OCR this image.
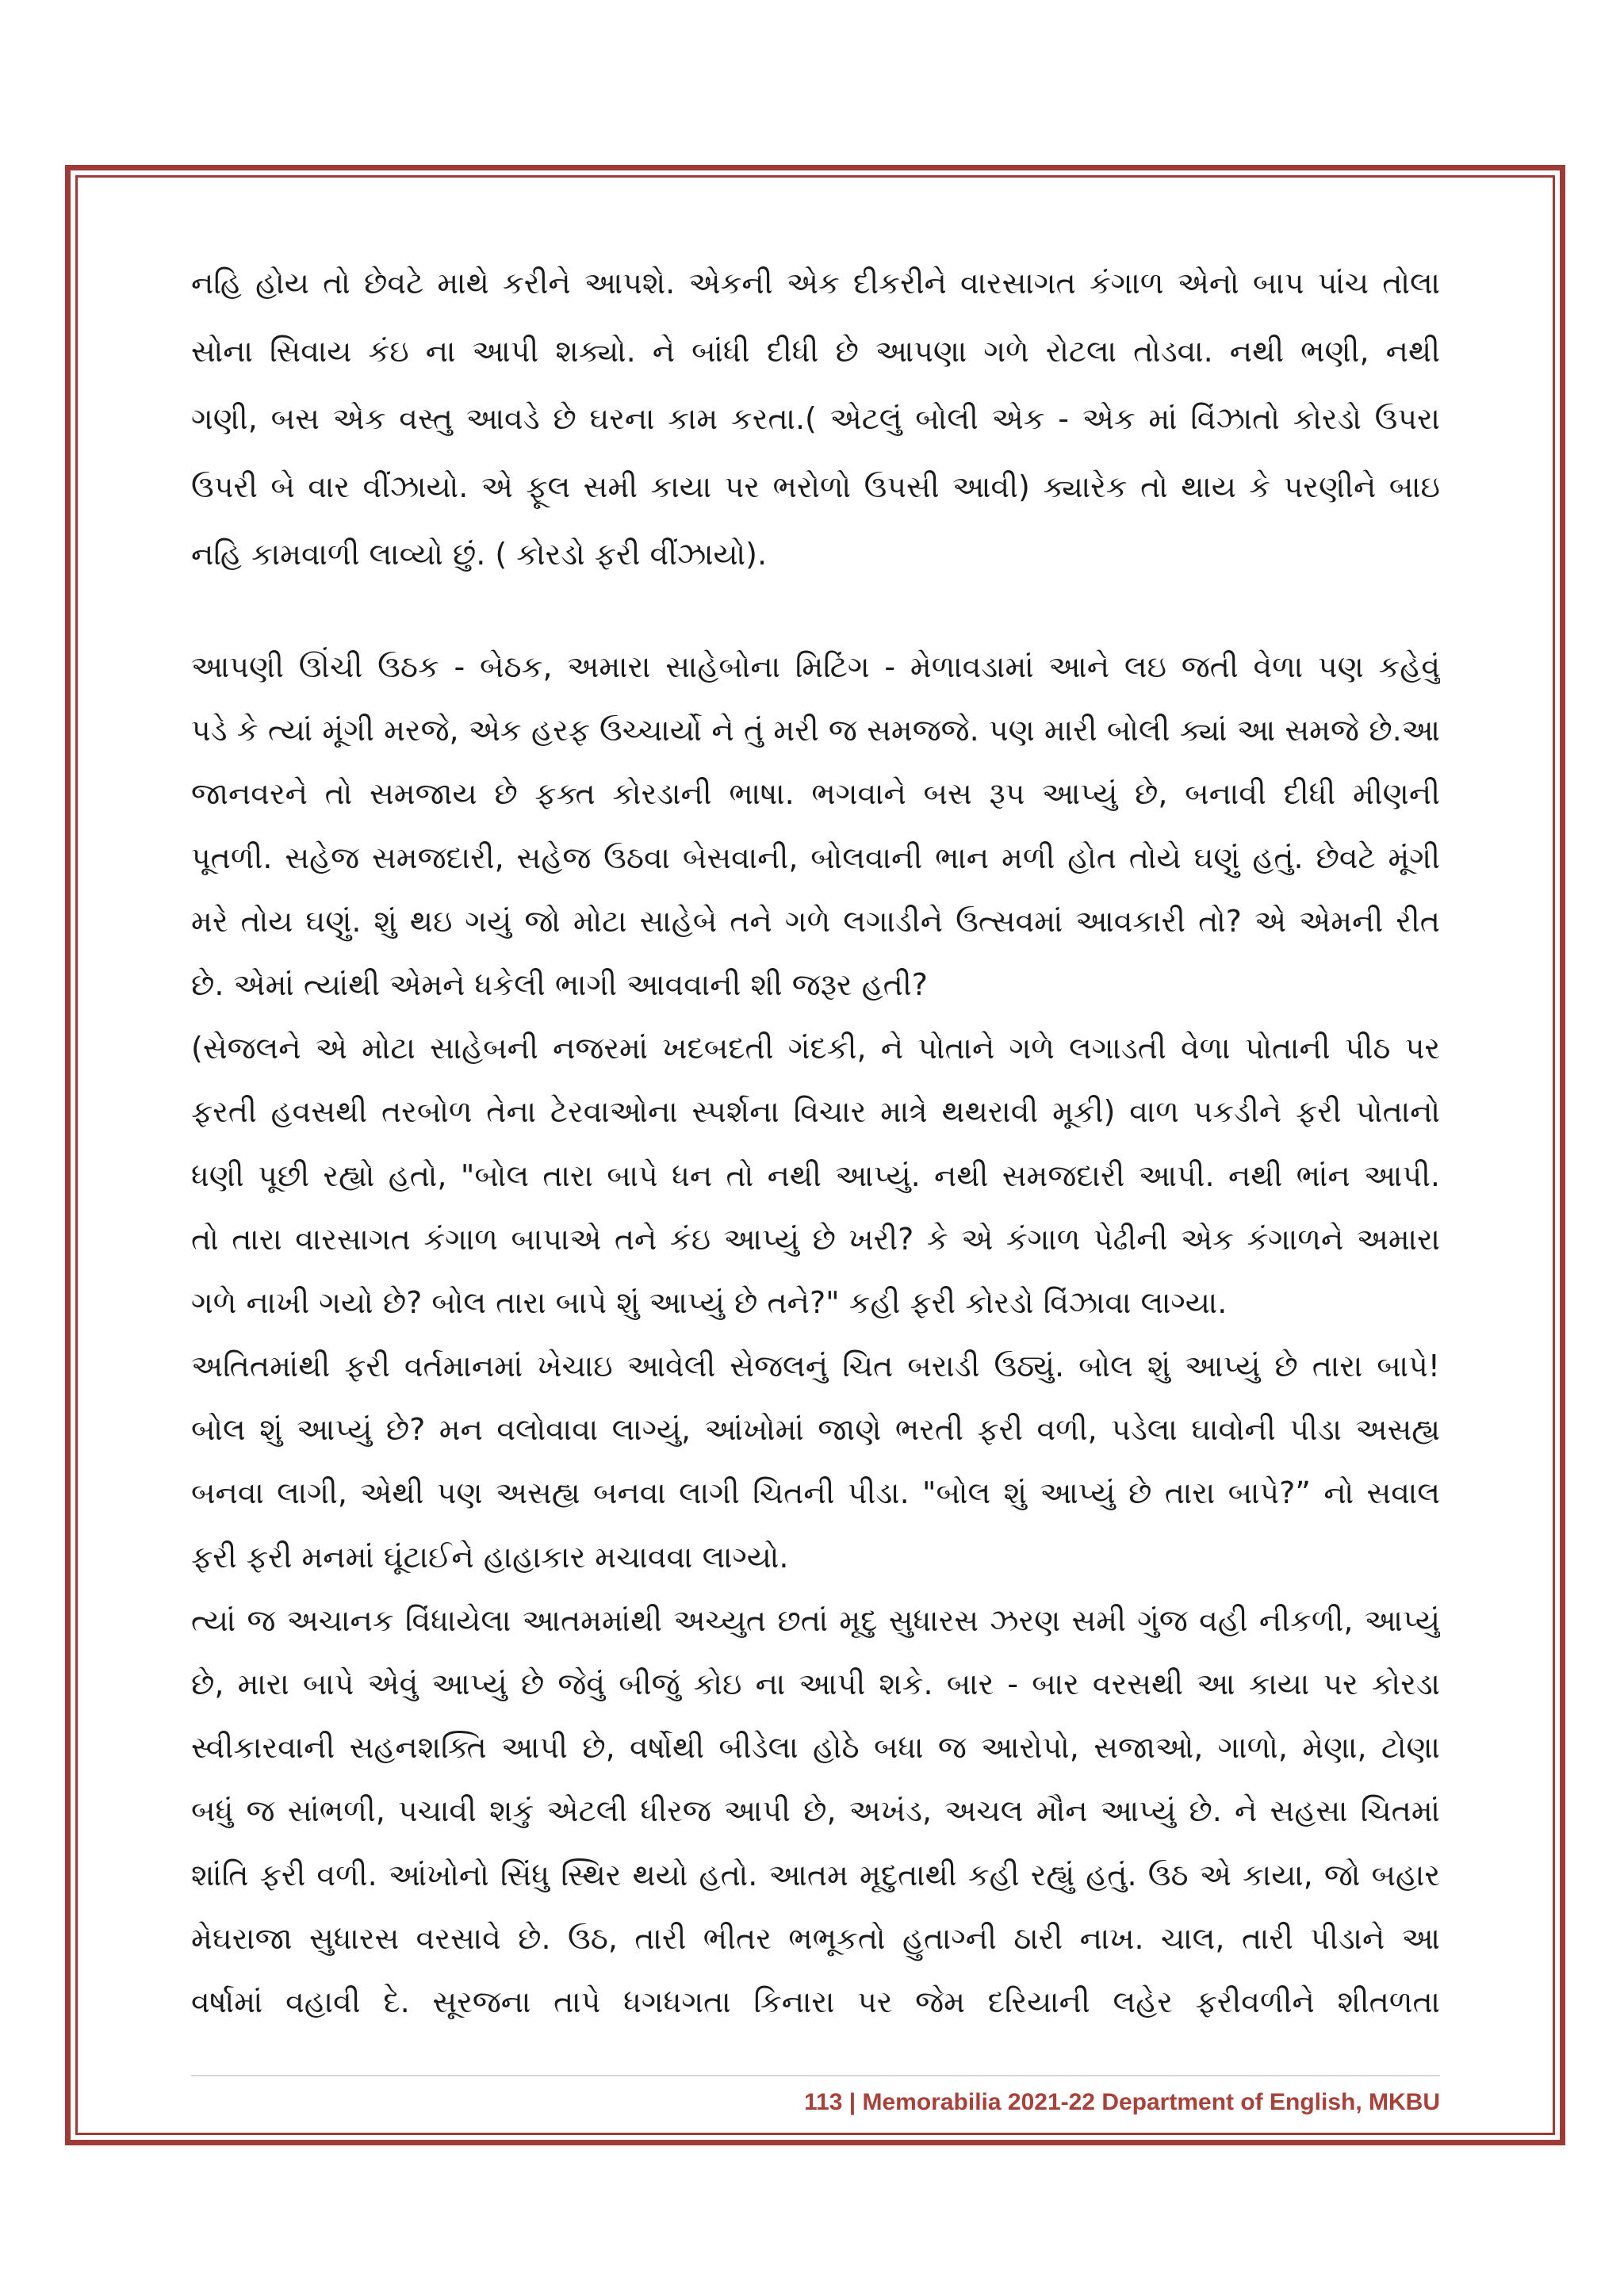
નહિ હોય તો છેવટે માથે કરીને આપશે. એકની એક દીકરીને વારસાગત કંગાળ એનો બાપ પાંચ તોલા
સોના સિવાય કંઇ ના આપી શક્યો. ને બાંધી દીધી છે આપણા ગળે રોટલા તોડવા. નથી ભણી, નથી
ગણી, બસ એક વસ્તુ આવડે છે ઘરના કામ કરતા.( એટલું બોલી એક - એક માં વિંઝાતો કોરડો ઉપરા
ઉપરી બે વાર વીંઝાયો. એ ફૂલ સમી કાયા પર ભરોળો ઉપસી આવી) ક્યારેક તો થાય કે પરણીને બાઇ
નહિ કામવાળી લાવ્યો છું. ( કોરડો ફરી વીંઝાયો).
આપણી ઊંચી ઉઠક - બેઠક, અમારા સાહેબોના મિટિંગ - મેળાવડામાં આને લઇ જતી વેળા પણ કહેવું
પડે કે ત્યાં મૂંગી મરજે, એક હરફ ઉચ્ચાર્યો ને તું મરી જ સમજજે. પણ મારી બોલી ક્યાં આ સમજે છે.આ
જાનવરને તો સમજાય છે ફક્ત કોરડાની ભાષા. ભગવાને બસ રૂપ આપ્યું છે, બનાવી દીધી મીણની
પૂતળી. સહેજ સમજદારી, સહેજ ઉઠવા બેસવાની, બોલવાની ભાન મળી હોત તોયે ઘણું હતું. છેવટે મૂંગી
મરે તોય ઘણું. શું થઇ ગયું જો મોટા સાહેબે તને ગળે લગાડીને ઉત્સવમાં આવકારી તો? એ એમની રીત
છે. એમાં ત્યાંથી એમને ધકેલી ભાગી આવવાની શી જરૂર હતી?
(સેજલને એ મોટા સાહેબની નજરમાં ખદબદતી ગંદકી, ને પોતાને ગળે લગાડતી વેળા પોતાની પીઠ પર
ફરતી હવસથી તરબોળ તેના ટેરવાઓના સ્પર્શના વિચાર માત્રે થથરાવી મૂકી) વાળ પકડીને ફરી પોતાનો
ધણી પૂછી રહ્યો હતો, "બોલ તારા બાપે ધન તો નથી આપ્યું. નથી સમજદારી આપી. નથી ભાંન આપી.
તો તારા વારસાગત કંગાળ બાપાએ તને કંઇ આપ્યું છે ખરી? કે એ કંગાળ પેઢીની એક કંગાળને અમારા
ગળે નાખી ગયો છે? બોલ તારા બાપે શું આપ્યું છે તને?" કહી ફરી કોરડો વિંઝાવા લાગ્યા.
અતિતમાંથી ફરી વર્તમાનમાં ખેચાઇ આવેલી સેજલનું ચિત બરાડી ઉઠ્યું. બોલ શું આપ્યું છે તારા બાપે!
બોલ શું આપ્યું છે? મન વલોવાવા લાગ્યું, આંખોમાં જાણે ભરતી ફરી વળી, પડેલા ઘાવોની પીડા અસહ્ય
બનવા લાગી, એથી પણ અસહ્ય બનવા લાગી ચિતની પીડા. "બોલ શું આપ્યું છે તારા બાપે?” નો સવાલ
ફરી ફરી મનમાં ઘૂંટાઈને હાહાકાર મચાવવા લાગ્યો.
ત્યાં જ અચાનક વિંધાયેલા આતમમાંથી અચ્યુત છતાં મૃદુ સુધારસ ઝરણ સમી ગુંજ વહી નીકળી, આપ્યું
છે, મારા બાપે એવું આપ્યું છે જેવું બીજું કોઇ ના આપી શકે. બાર - બાર વરસથી આ કાયા પર કોરડા
સ્વીકારવાની સહનશક્તિ આપી છે, વર્ષોથી બીડેલા હોઠે બધા જ આરોપો, સજાઓ, ગાળો, મેણા, ટોણા
બધું જ સાંભળી, પચાવી શકું એટલી ધીરજ આપી છે, અખંડ, અચલ મૌન આપ્યું છે. ને સહસા ચિતમાં
શાંતિ ફરી વળી. આંખોનો સિંધુ સ્થિર થયો હતો. આતમ મૃદુતાથી કહી રહ્યું હતું. ઉઠ એ કાયા, જો બહાર
મેઘરાજા સુધારસ વરસાવે છે. ઉઠ, તારી ભીતર ભભૂકતો હુતાગ્ની ઠારી નાખ. ચાલ, તારી પીડાને આ
વર્ષામાં વહાવી દે. સૂરજના તાપે ધગધગતા કિનારા પર જેમ દરિયાની લહેર ફરીવળીને શીતળતા
113 | Memorabilia 2021-22 Department of English, MKBU
